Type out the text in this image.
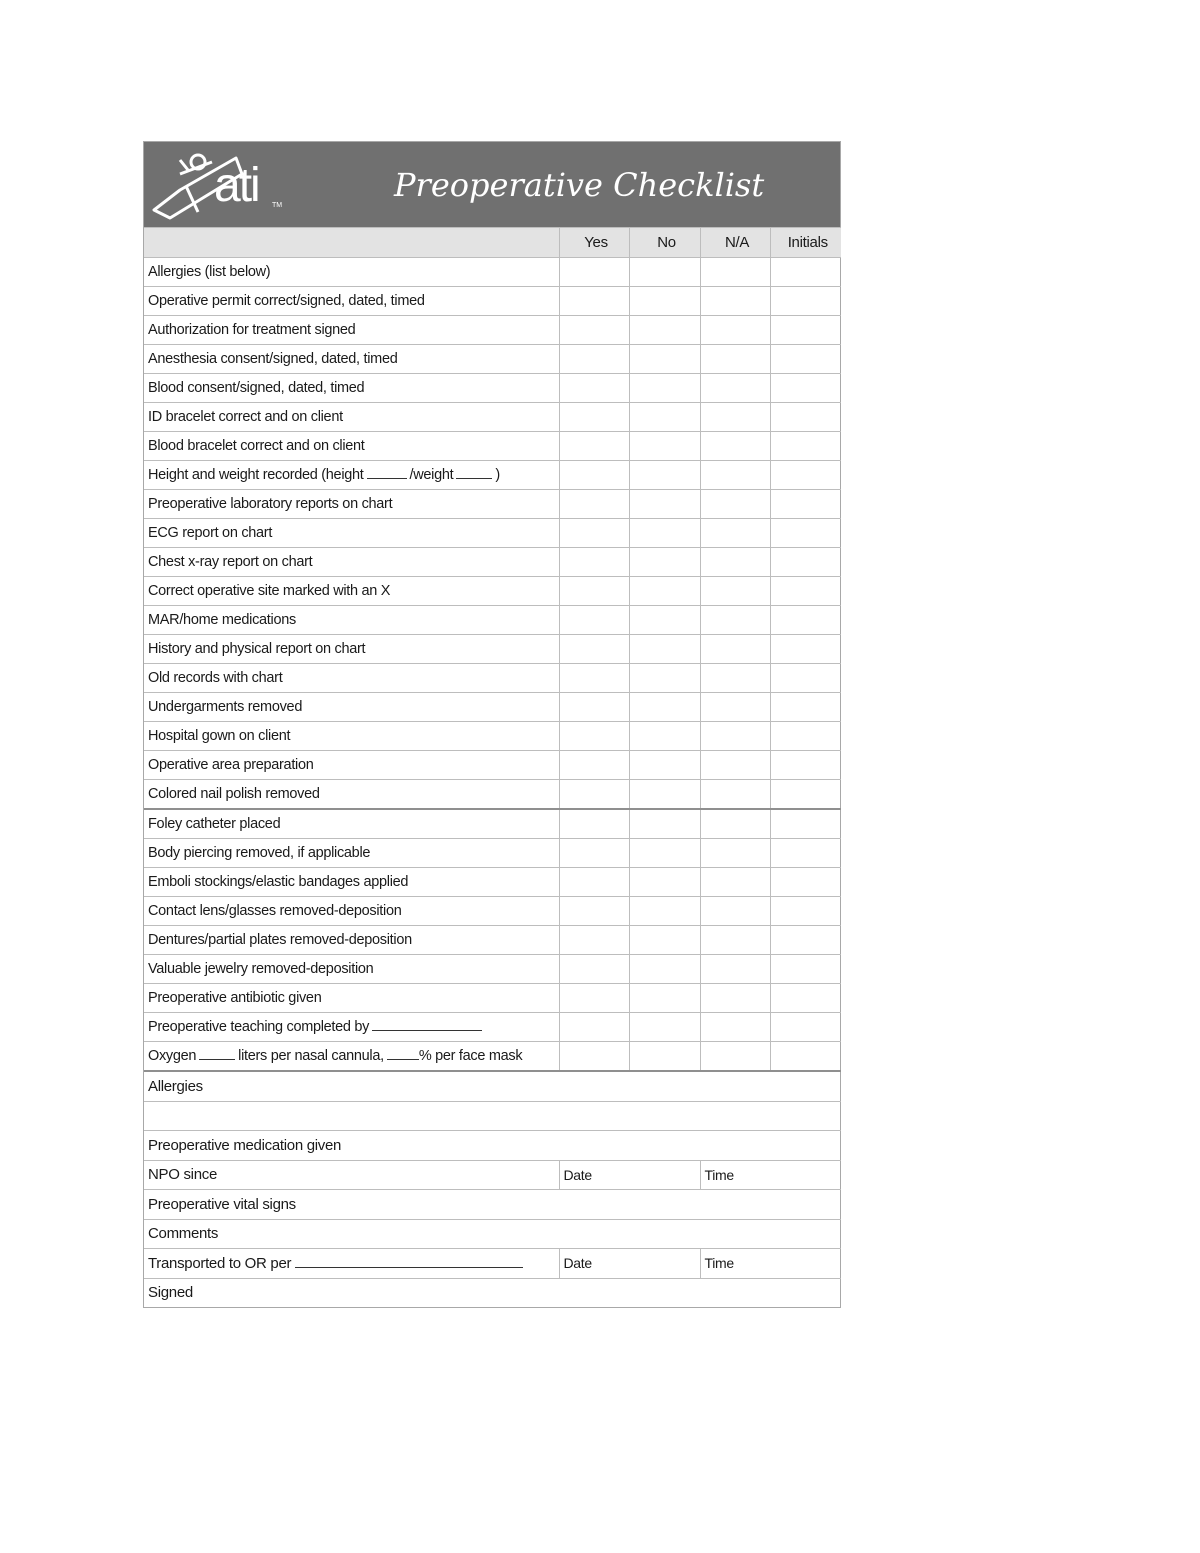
ati TM
Preoperative Checklist
	Yes	No	N/A	Initials
Allergies (list below)				
Operative permit correct/signed, dated, timed				
Authorization for treatment signed				
Anesthesia consent/signed, dated, timed				
Blood consent/signed, dated, timed				
ID bracelet correct and on client				
Blood bracelet correct and on client				
Height and weight recorded (height /weight )				
Preoperative laboratory reports on chart				
ECG report on chart				
Chest x-ray report on chart				
Correct operative site marked with an X				
MAR/home medications				
History and physical report on chart				
Old records with chart				
Undergarments removed				
Hospital gown on client				
Operative area preparation				
Colored nail polish removed				
Foley catheter placed				
Body piercing removed, if applicable				
Emboli stockings/elastic bandages applied				
Contact lens/glasses removed-deposition				
Dentures/partial plates removed-deposition				
Valuable jewelry removed-deposition				
Preoperative antibiotic given				
Preoperative teaching completed by				
Oxygen liters per nasal cannula, % per face mask				
Allergies		

Preoperative medication given		
NPO since	Date	Time
Preoperative vital signs		
Comments		
Transported to OR per	Date	Time
Signed		
